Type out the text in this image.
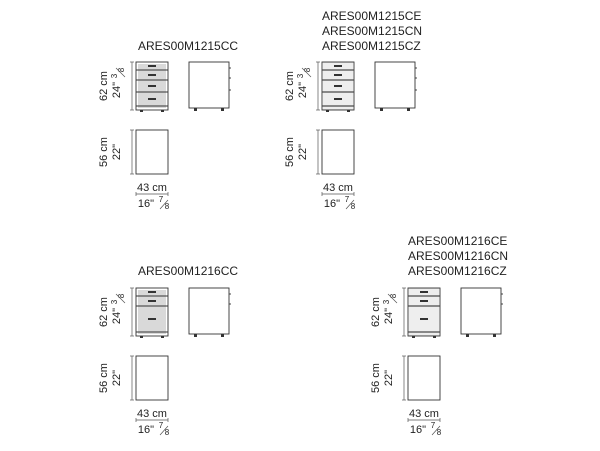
ARES00M1215CC
62 cm 24"
3
8
56 cm 22"
43 cm
16" 7
8
ARES00M1215CE
ARES00M1215CN
ARES00M1215CZ
62 cm 24"
3
8
56 cm 22"
43 cm
16" 7
8
ARES00M1216CC
62 cm 24"
3
8
56 cm 22"
43 cm
16" 7
8
ARES00M1216CE
ARES00M1216CN
ARES00M1216CZ
62 cm 24"
3
8
56 cm 22"
43 cm
16" 7
8
